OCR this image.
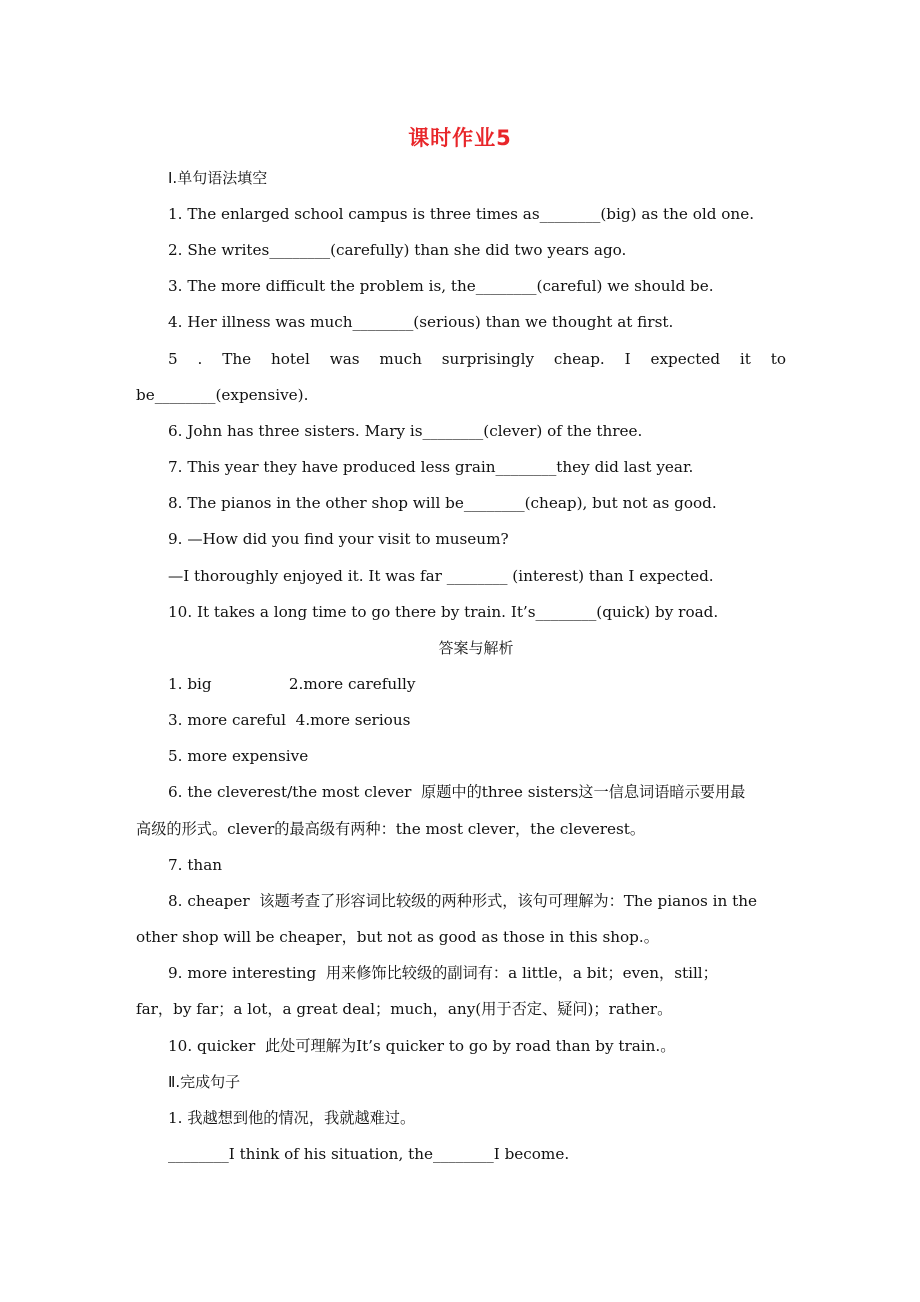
课时作业5
Ⅰ.单句语法填空
1. The enlarged school campus is three times as________(big) as the old one.
2. She writes________(carefully) than she did two years ago.
3. The more difficult the problem is, the________(careful) we should be.
4. Her illness was much________(serious) than we thought at first.
5 . The hotel was much surprisingly cheap. I expected it to
be________(expensive).
6. John has three sisters. Mary is________(clever) of the three.
7. This year they have produced less grain________they did last year.
8. The pianos in the other shop will be________(cheap), but not as good.
9. —How did you find your visit to museum?
—I thoroughly enjoyed it. It was far ________ (interest) than I expected.
10. It takes a long time to go there by train. It’s________(quick) by road.
答案与解析
1. big                2.more carefully
3. more careful  4.more serious
5. more expensive
6. the cleverest/the most clever  原题中的three sisters这一信息词语暗示要用最
高级的形式。clever的最高级有两种：the most clever，the cleverest。
7. than
8. cheaper  该题考查了形容词比较级的两种形式，该句可理解为：The pianos in the
other shop will be cheaper，but not as good as those in this shop.。
9. more interesting  用来修饰比较级的副词有：a little，a bit；even，still；
far，by far；a lot，a great deal；much，any(用于否定、疑问)；rather。
10. quicker  此处可理解为It’s quicker to go by road than by train.。
Ⅱ.完成句子
1. 我越想到他的情况，我就越难过。
________I think of his situation, the________I become.
